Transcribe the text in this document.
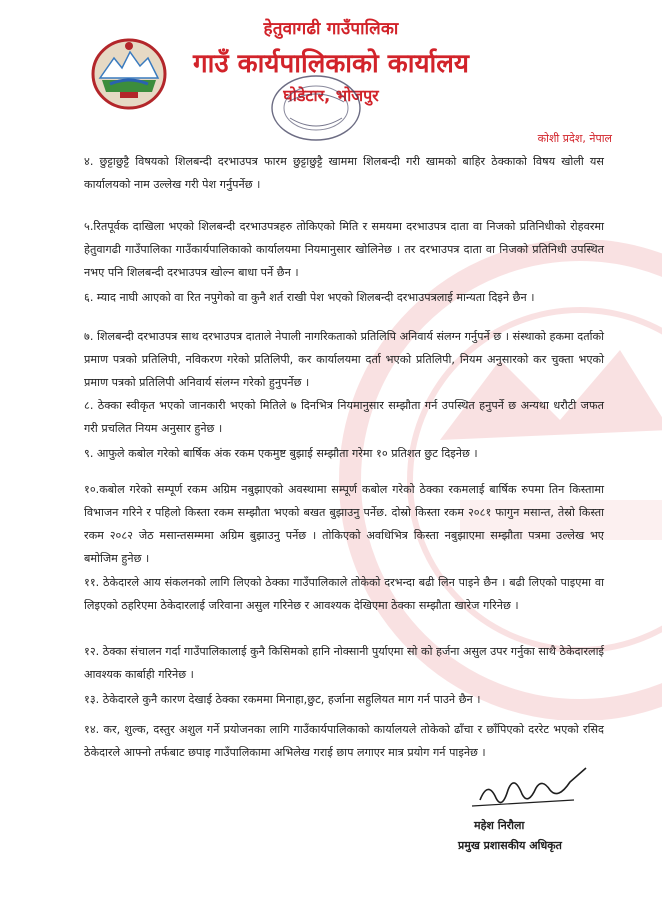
हेतुवागढी गाउँपालिका
गाउँ कार्यपालिकाको कार्यालय
घोडेटार, भोजपुर
कोशी प्रदेश, नेपाल
४. छुट्टाछुट्टै विषयको शिलबन्दी दरभाउपत्र फारम छुट्टाछुट्टै खाममा शिलबन्दी गरी खामको बाहिर ठेक्काको विषय खोली यस कार्यालयको नाम उल्लेख गरी पेश गर्नुपर्नेछ ।
५.रितपूर्वक दाखिला भएको शिलबन्दी दरभाउपत्रहरु तोकिएको मिति र समयमा दरभाउपत्र दाता वा निजको प्रतिनिधीको रोहवरमा हेतुवागढी गाउँपालिका गाउँकार्यपालिकाको कार्यालयमा नियमानुसार खोलिनेछ । तर दरभाउपत्र दाता वा निजको प्रतिनिधी उपस्थित नभए पनि शिलबन्दी दरभाउपत्र खोल्न बाधा पर्ने छैन ।
६. म्याद नाघी आएको वा रित नपुगेको वा कुनै शर्त राखी पेश भएको शिलबन्दी दरभाउपत्रलाई मान्यता दिइने छैन ।
७. शिलबन्दी दरभाउपत्र साथ दरभाउपत्र दाताले नेपाली नागरिकताको प्रतिलिपि अनिवार्य संलग्न गर्नुपर्ने छ । संस्थाको हकमा दर्ताको प्रमाण पत्रको प्रतिलिपी, नविकरण गरेको प्रतिलिपी, कर कार्यालयमा दर्ता भएको प्रतिलिपी, नियम अनुसारको कर चुक्ता भएको प्रमाण पत्रको प्रतिलिपी अनिवार्य संलग्न गरेको हुनुपर्नेछ ।
८. ठेक्का स्वीकृत भएको जानकारी भएको मितिले ७ दिनभित्र नियमानुसार सम्झौता गर्न उपस्थित हनुपर्ने छ अन्यथा धरौटी जफत गरी प्रचलित नियम अनुसार हुनेछ ।
९. आफुले कबोल गरेको बार्षिक अंक रकम एकमुष्ट बुझाई सम्झौता गरेमा १० प्रतिशत छुट दिइनेछ ।
१०.कबोल गरेको सम्पूर्ण रकम अग्रिम नबुझाएको अवस्थामा सम्पूर्ण कबोल गरेको ठेक्का रकमलाई बार्षिक रुपमा तिन किस्तामा विभाजन गरिने र पहिलो किस्ता रकम सम्झौता भएको बखत बुझाउनु पर्नेछ. दोस्रो किस्ता रकम २०८१ फागुन मसान्त, तेस्रो किस्ता रकम २०८२ जेठ मसान्तसम्ममा अग्रिम बुझाउनु पर्नेछ । तोकिएको अवधिभित्र किस्ता नबुझाएमा सम्झौता पत्रमा उल्लेख भए बमोजिम हुनेछ ।
११. ठेकेदारले आय संकलनको लागि लिएको ठेक्का गाउँपालिकाले तोकेको दरभन्दा बढी लिन पाइने छैन । बढी लिएको पाइएमा वा लिइएको ठहरिएमा ठेकेदारलाई जरिवाना असुल गरिनेछ र आवश्यक देखिएमा ठेक्का सम्झौता खारेज गरिनेछ ।
१२. ठेक्का संचालन गर्दा गाउँपालिकालाई कुनै किसिमको हानि नोक्सानी पुर्याएमा सो को हर्जना असुल उपर गर्नुका साथै ठेकेदारलाई आवश्यक कार्बाही गरिनेछ ।
१३. ठेकेदारले कुनै कारण देखाई ठेक्का रकममा मिनाहा,छुट, हर्जाना सहुलियत माग गर्न पाउने छैन ।
१४. कर, शुल्क, दस्तुर अशुल गर्ने प्रयोजनका लागि गाउँकार्यपालिकाको कार्यालयले तोकेको ढाँचा र छाँपिएको दररेट भएको रसिद ठेकेदारले आफ्नो तर्फबाट छपाइ गाउँपालिकामा अभिलेख गराई छाप लगाएर मात्र प्रयोग गर्न पाइनेछ ।
महेश निरौला
प्रमुख प्रशासकीय अधिकृत
